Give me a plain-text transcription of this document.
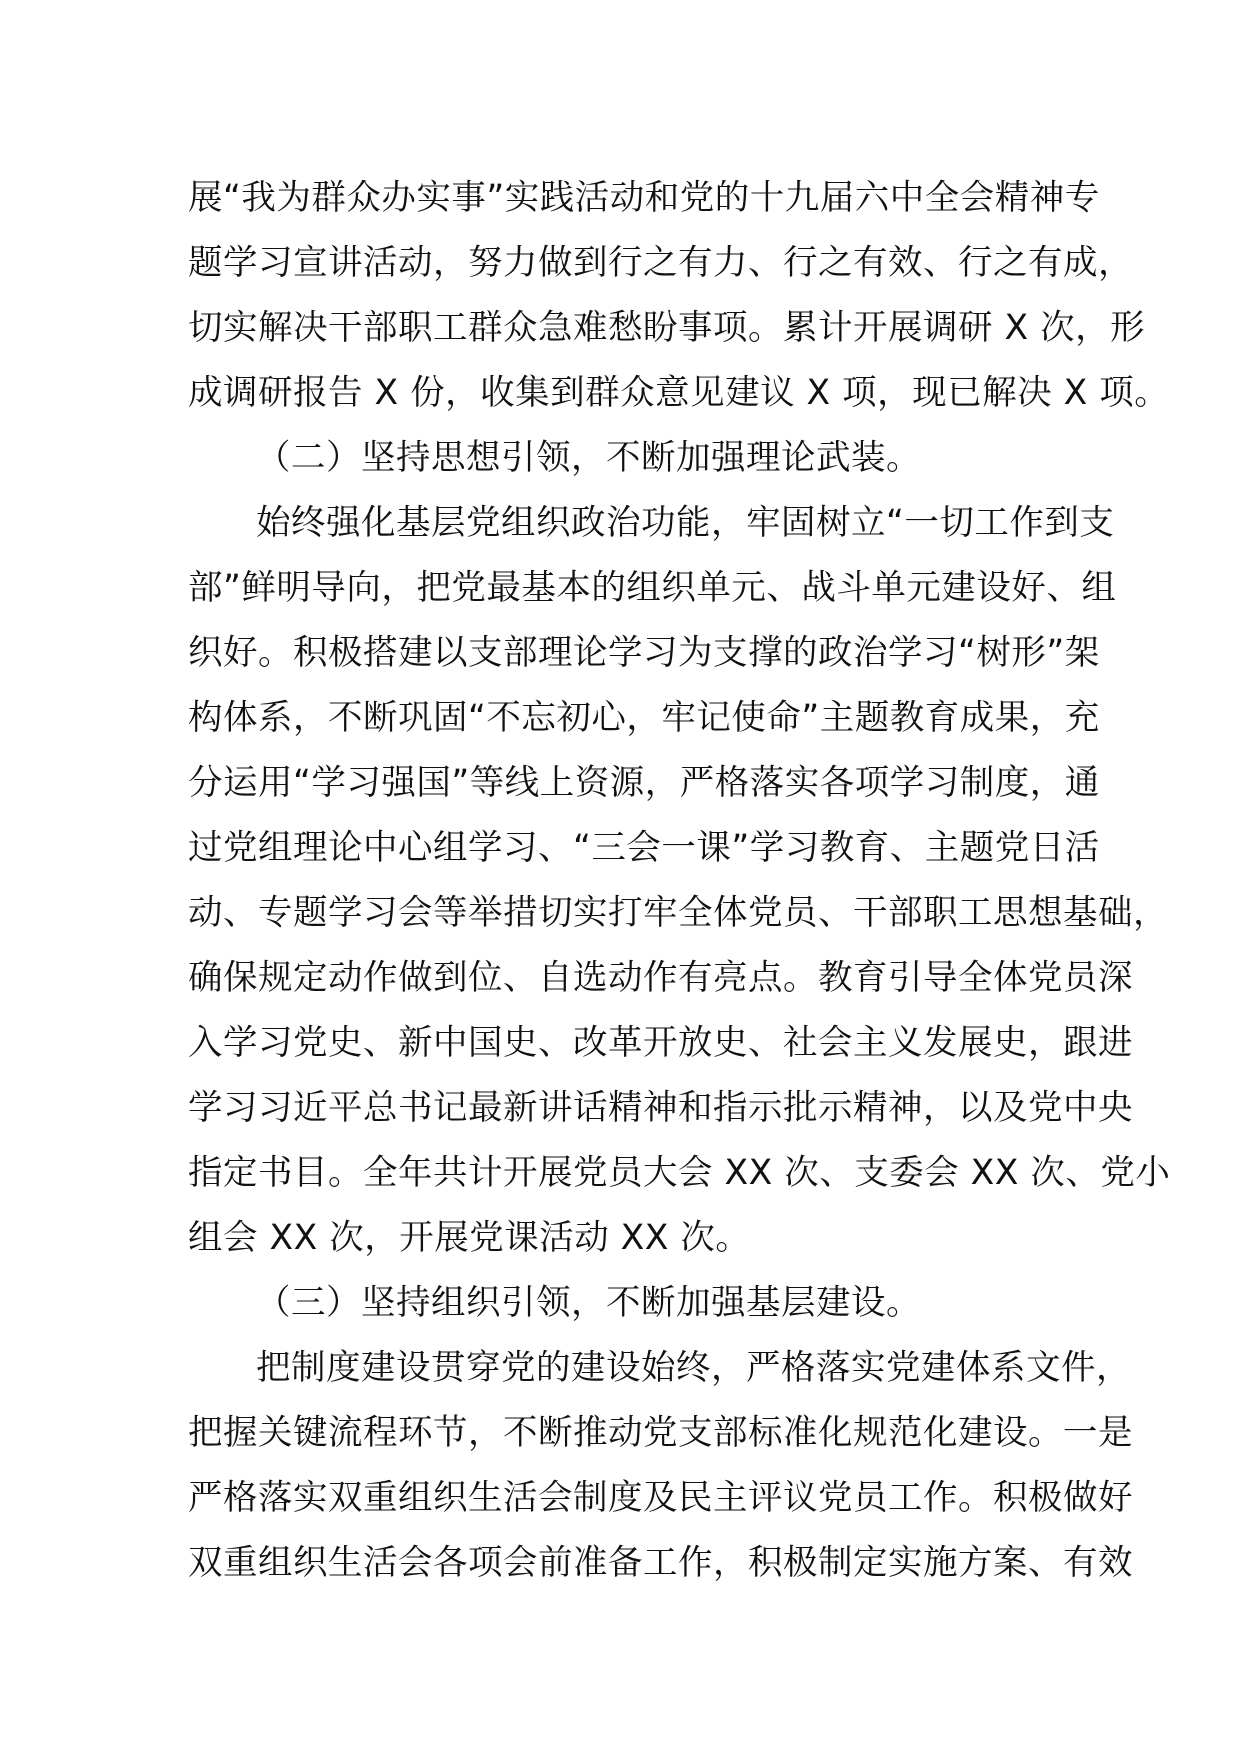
展“我为群众办实事”实践活动和党的十九届六中全会精神专
题学习宣讲活动，努力做到行之有力、行之有效、行之有成，
切实解决干部职工群众急难愁盼事项。累计开展调研 X 次，形
成调研报告 X 份，收集到群众意见建议 X 项，现已解决 X 项。
（二）坚持思想引领，不断加强理论武装。
始终强化基层党组织政治功能，牢固树立“一切工作到支
部”鲜明导向，把党最基本的组织单元、战斗单元建设好、组
织好。积极搭建以支部理论学习为支撑的政治学习“树形”架
构体系，不断巩固“不忘初心，牢记使命”主题教育成果，充
分运用“学习强国”等线上资源，严格落实各项学习制度，通
过党组理论中心组学习、“三会一课”学习教育、主题党日活
动、专题学习会等举措切实打牢全体党员、干部职工思想基础，
确保规定动作做到位、自选动作有亮点。教育引导全体党员深
入学习党史、新中国史、改革开放史、社会主义发展史，跟进
学习习近平总书记最新讲话精神和指示批示精神，以及党中央
指定书目。全年共计开展党员大会 XX 次、支委会 XX 次、党小
组会 XX 次，开展党课活动 XX 次。
（三）坚持组织引领，不断加强基层建设。
把制度建设贯穿党的建设始终，严格落实党建体系文件，
把握关键流程环节，不断推动党支部标准化规范化建设。一是
严格落实双重组织生活会制度及民主评议党员工作。积极做好
双重组织生活会各项会前准备工作，积极制定实施方案、有效
